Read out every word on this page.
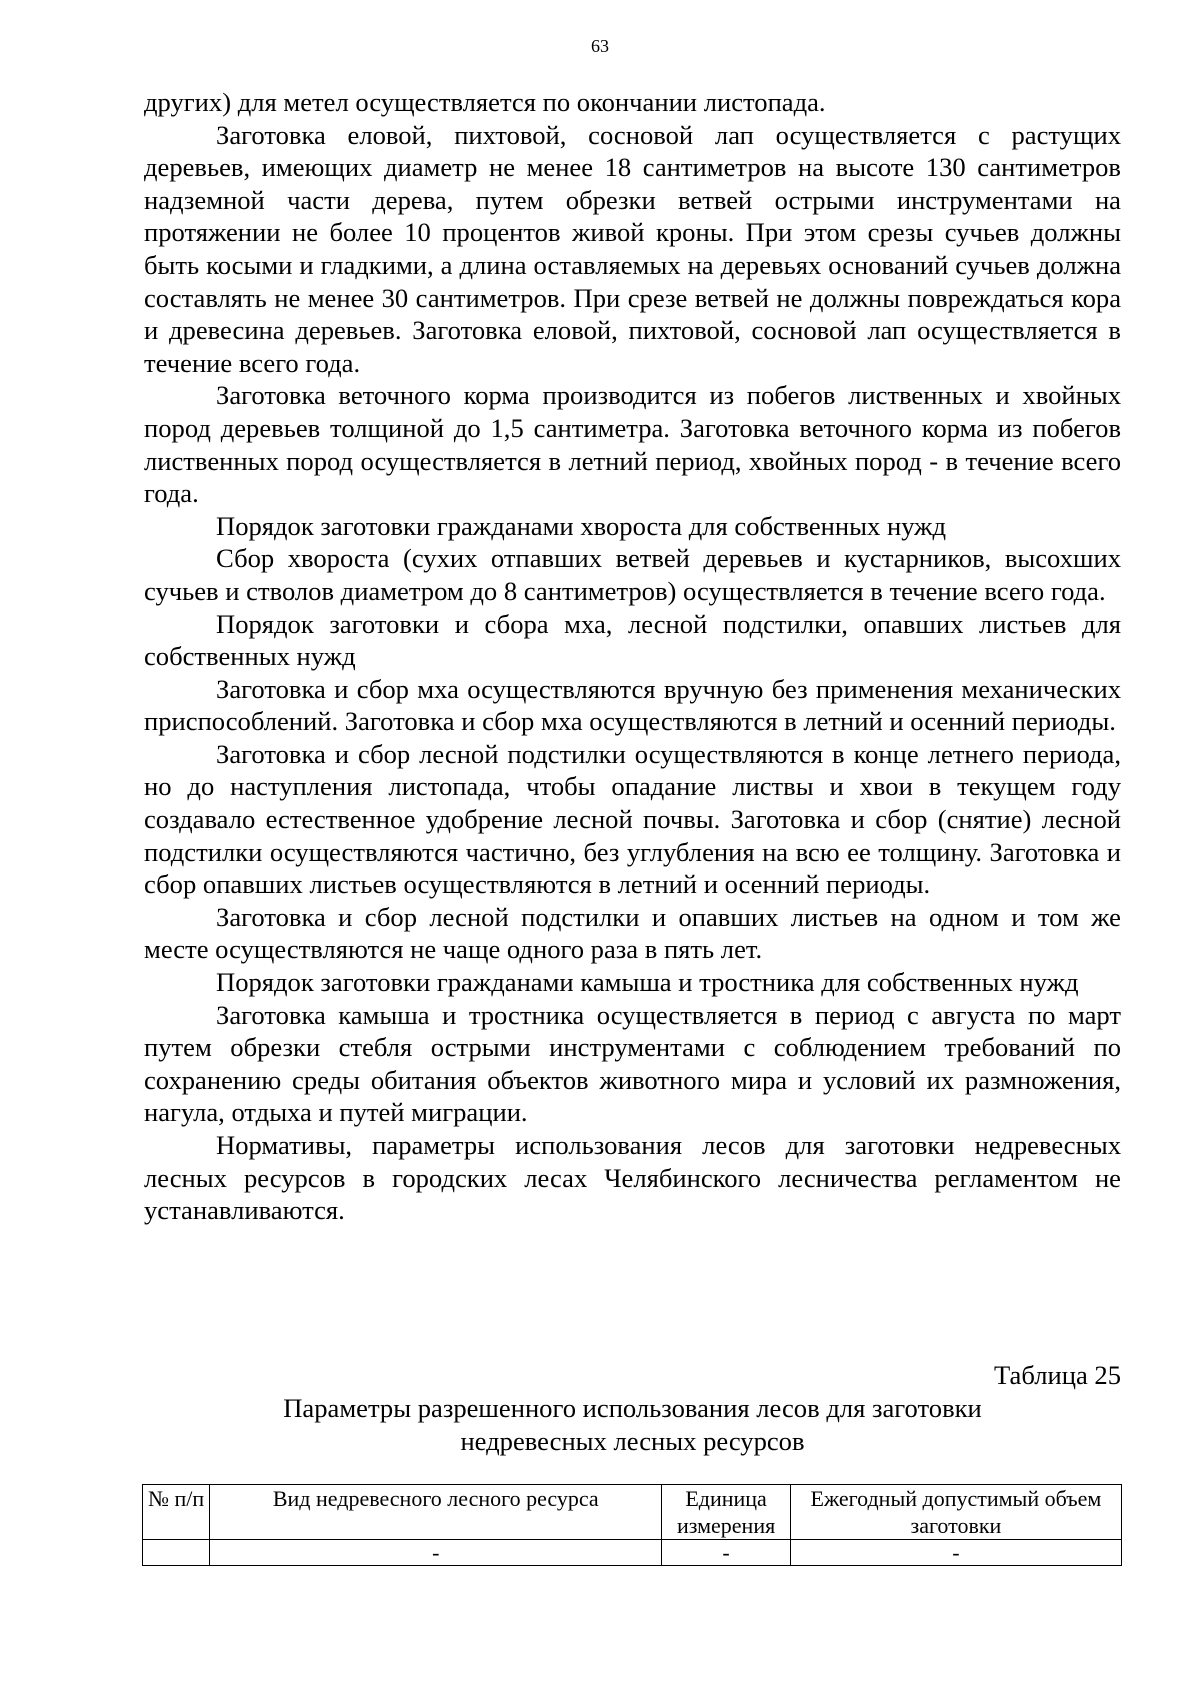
63

других) для метел осуществляется по окончании листопада.

Заготовка еловой, пихтовой, сосновой лап осуществляется с растущих деревьев, имеющих диаметр не менее 18 сантиметров на высоте 130 сантиметров надземной части дерева, путем обрезки ветвей острыми инструментами на протяжении не более 10 процентов живой кроны. При этом срезы сучьев должны быть косыми и гладкими, а длина оставляемых на деревьях оснований сучьев должна составлять не менее 30 сантиметров. При срезе ветвей не должны повреждаться кора и древесина деревьев. Заготовка еловой, пихтовой, сосновой лап осуществляется в течение всего года.

Заготовка веточного корма производится из побегов лиственных и хвойных пород деревьев толщиной до 1,5 сантиметра. Заготовка веточного корма из побегов лиственных пород осуществляется в летний период, хвойных пород - в течение всего года.

Порядок заготовки гражданами хвороста для собственных нужд

Сбор хвороста (сухих отпавших ветвей деревьев и кустарников, высохших сучьев и стволов диаметром до 8 сантиметров) осуществляется в течение всего года.

Порядок заготовки и сбора мха, лесной подстилки, опавших листьев для собственных нужд

Заготовка и сбор мха осуществляются вручную без применения механических приспособлений. Заготовка и сбор мха осуществляются в летний и осенний периоды.

Заготовка и сбор лесной подстилки осуществляются в конце летнего периода, но до наступления листопада, чтобы опадание листвы и хвои в текущем году создавало естественное удобрение лесной почвы. Заготовка и сбор (снятие) лесной подстилки осуществляются частично, без углубления на всю ее толщину. Заготовка и сбор опавших листьев осуществляются в летний и осенний периоды.

Заготовка и сбор лесной подстилки и опавших листьев на одном и том же месте осуществляются не чаще одного раза в пять лет.

Порядок заготовки гражданами камыша и тростника для собственных нужд

Заготовка камыша и тростника осуществляется в период с августа по март путем обрезки стебля острыми инструментами с соблюдением требований по сохранению среды обитания объектов животного мира и условий их размножения, нагула, отдыха и путей миграции.

Нормативы, параметры использования лесов для заготовки недревесных лесных ресурсов в городских лесах Челябинского лесничества регламентом не устанавливаются.

Таблица 25
Параметры разрешенного использования лесов для заготовки
недревесных лесных ресурсов
№ п/п	Вид недревесного лесного ресурса	Единица измерения	Ежегодный допустимый объем заготовки
	-	-	-
